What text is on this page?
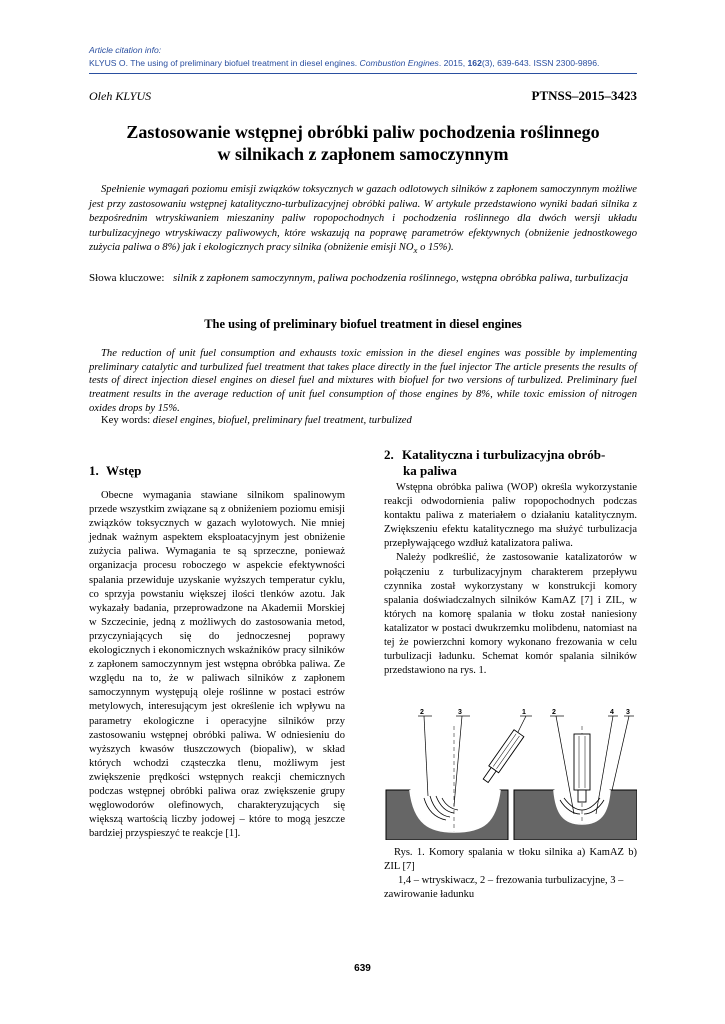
Article citation info:
KLYUS O. The using of preliminary biofuel treatment in diesel engines. Combustion Engines. 2015, 162(3), 639-643. ISSN 2300-9896.
Oleh KLYUS	PTNSS–2015–3423
Zastosowanie wstępnej obróbki paliw pochodzenia roślinnego
w silnikach z zapłonem samoczynnym
Spełnienie wymagań poziomu emisji związków toksycznych w gazach odlotowych silników z zapłonem samoczynnym możliwe jest przy zastosowaniu wstępnej katalityczno-turbulizacyjnej obróbki paliwa. W artykule przedstawiono wyniki badań silnika z bezpośrednim wtryskiwaniem mieszaniny paliw ropopochodnych i pochodzenia roślinnego dla dwóch wersji układu turbulizacyjnego wtryskiwaczy paliwowych, które wskazują na poprawę parametrów efektywnych (obniżenie jednostkowego zużycia paliwa o 8%) jak i ekologicznych pracy silnika (obniżenie emisji $NO_x$ o 15%).
Słowa kluczowe: silnik z zapłonem samoczynnym, paliwa pochodzenia roślinnego, wstępna obróbka paliwa, turbulizacja
The using of preliminary biofuel treatment in diesel engines
The reduction of unit fuel consumption and exhausts toxic emission in the diesel engines was possible by implementing preliminary catalytic and turbulized fuel treatment that takes place directly in the fuel injector The article presents the results of tests of direct injection diesel engines on diesel fuel and mixtures with biofuel for two versions of turbulized. Preliminary fuel treatment results in the average reduction of unit fuel consumption of those engines by 8%, while toxic emission of nitrogen oxides drops by 15%.
Key words: diesel engines, biofuel, preliminary fuel treatment, turbulized
1. Wstęp
Obecne wymagania stawiane silnikom spalinowym przede wszystkim związane są z obniżeniem poziomu emisji związków toksycznych w gazach wylotowych. Nie mniej jednak ważnym aspektem eksploatacyjnym jest obniżenie zużycia paliwa. Wymagania te są sprzeczne, ponieważ organizacja procesu roboczego w aspekcie efektywności spalania przewiduje uzyskanie wyższych temperatur cyklu, co sprzyja powstaniu większej ilości tlenków azotu. Jak wykazały badania, przeprowadzone na Akademii Morskiej w Szczecinie, jedną z możliwych do zastosowania metod, przyczyniających się do jednoczesnej poprawy ekologicznych i ekonomicznych wskaźników pracy silników z zapłonem samoczynnym jest wstępna obróbka paliwa. Ze względu na to, że w paliwach silników z zapłonem samoczynnym występują oleje roślinne w postaci estrów metylowych, interesującym jest określenie ich wpływu na parametry ekologiczne i operacyjne silników przy zastosowaniu wstępnej obróbki paliwa. W odniesieniu do wyższych kwasów tłuszczowych (biopaliw), w skład których wchodzi cząsteczka tlenu, możliwym jest zwiększenie prędkości wstępnych reakcji chemicznych podczas wstępnej obróbki paliwa oraz zwiększenie grupy węglowodorów olefinowych, charakteryzujących się większą wartością liczby jodowej – które to mogą jeszcze bardziej przyspieszyć te reakcje [1].
2. Katalityczna i turbulizacyjna obrób-
ka paliwa

Wstępna obróbka paliwa (WOP) określa wykorzystanie reakcji odwodornienia paliw ropopochodnych podczas kontaktu paliwa z materiałem o działaniu katalitycznym. Zwiększeniu efektu katalitycznego ma służyć turbulizacja przepływającego wzdłuż katalizatora paliwa.

Należy podkreślić, że zastosowanie katalizatorów w połączeniu z turbulizacyjnym charakterem przepływu czynnika został wykorzystany w konstrukcji komory spalania doświadczalnych silników KamAZ [7] i ZIL, w których na komorę spalania w tłoku został naniesiony katalizator w postaci dwukrzemku molibdenu, natomiast na tej że powierzchni komory wykonano frezowania w celu turbulizacji ładunku. Schemat komór spalania silników przedstawiono na rys. 1.

2	3	1	2	4 3
Rys. 1. Komory spalania w tłoku silnika a) KamAZ b) ZIL [7]
1,4 – wtryskiwacz, 2 – frezowania turbulizacyjne, 3 – zawirowanie ładunku
639
